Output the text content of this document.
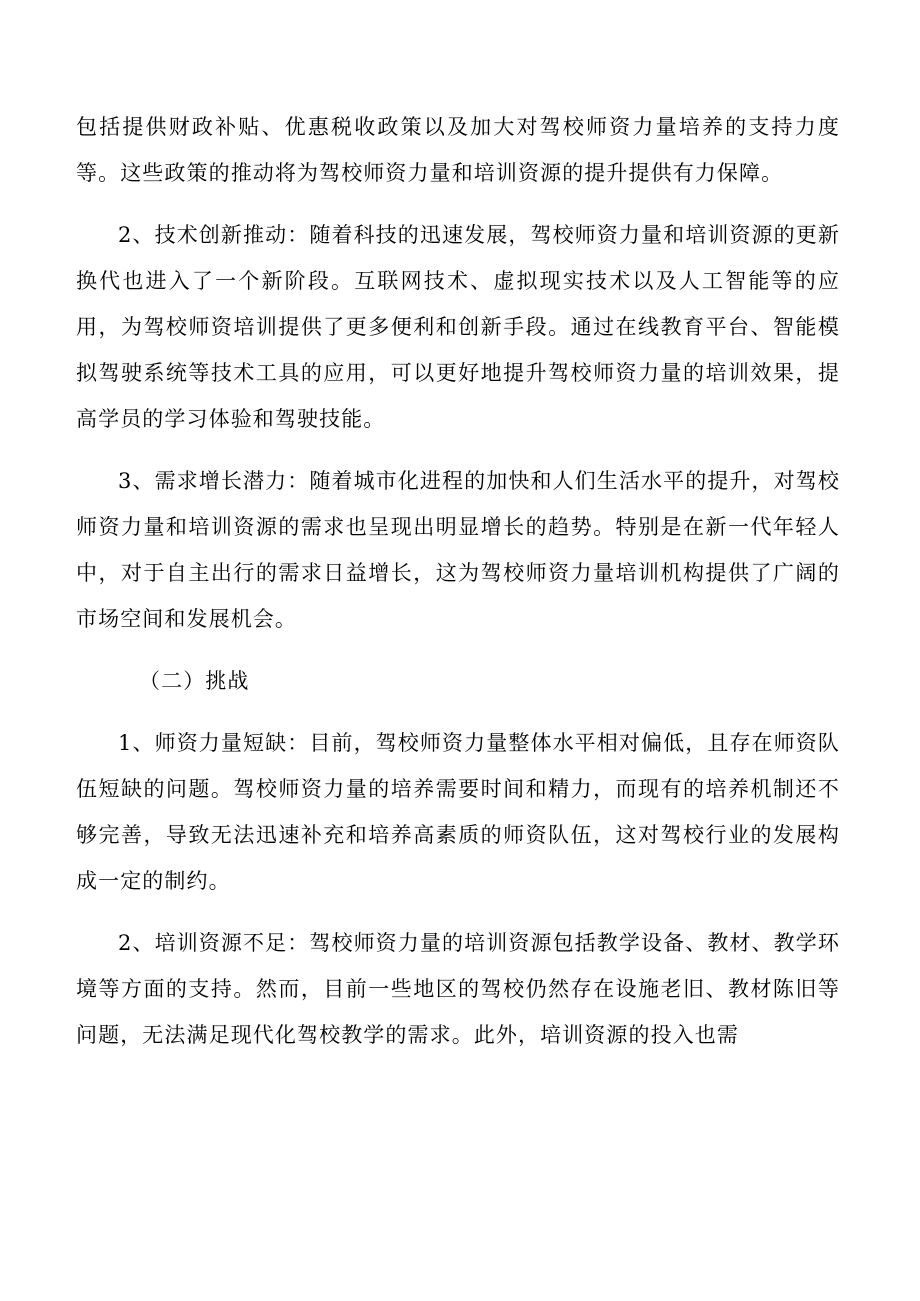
包括提供财政补贴、优惠税收政策以及加大对驾校师资力量培养的支持力度等。这些政策的推动将为驾校师资力量和培训资源的提升提供有力保障。

2、技术创新推动：随着科技的迅速发展，驾校师资力量和培训资源的更新换代也进入了一个新阶段。互联网技术、虚拟现实技术以及人工智能等的应用，为驾校师资培训提供了更多便利和创新手段。通过在线教育平台、智能模拟驾驶系统等技术工具的应用，可以更好地提升驾校师资力量的培训效果，提高学员的学习体验和驾驶技能。

3、需求增长潜力：随着城市化进程的加快和人们生活水平的提升，对驾校师资力量和培训资源的需求也呈现出明显增长的趋势。特别是在新一代年轻人中，对于自主出行的需求日益增长，这为驾校师资力量培训机构提供了广阔的市场空间和发展机会。

（二）挑战

1、师资力量短缺：目前，驾校师资力量整体水平相对偏低，且存在师资队伍短缺的问题。驾校师资力量的培养需要时间和精力，而现有的培养机制还不够完善，导致无法迅速补充和培养高素质的师资队伍，这对驾校行业的发展构成一定的制约。

2、培训资源不足：驾校师资力量的培训资源包括教学设备、教材、教学环境等方面的支持。然而，目前一些地区的驾校仍然存在设施老旧、教材陈旧等问题，无法满足现代化驾校教学的需求。此外，培训资源的投入也需
